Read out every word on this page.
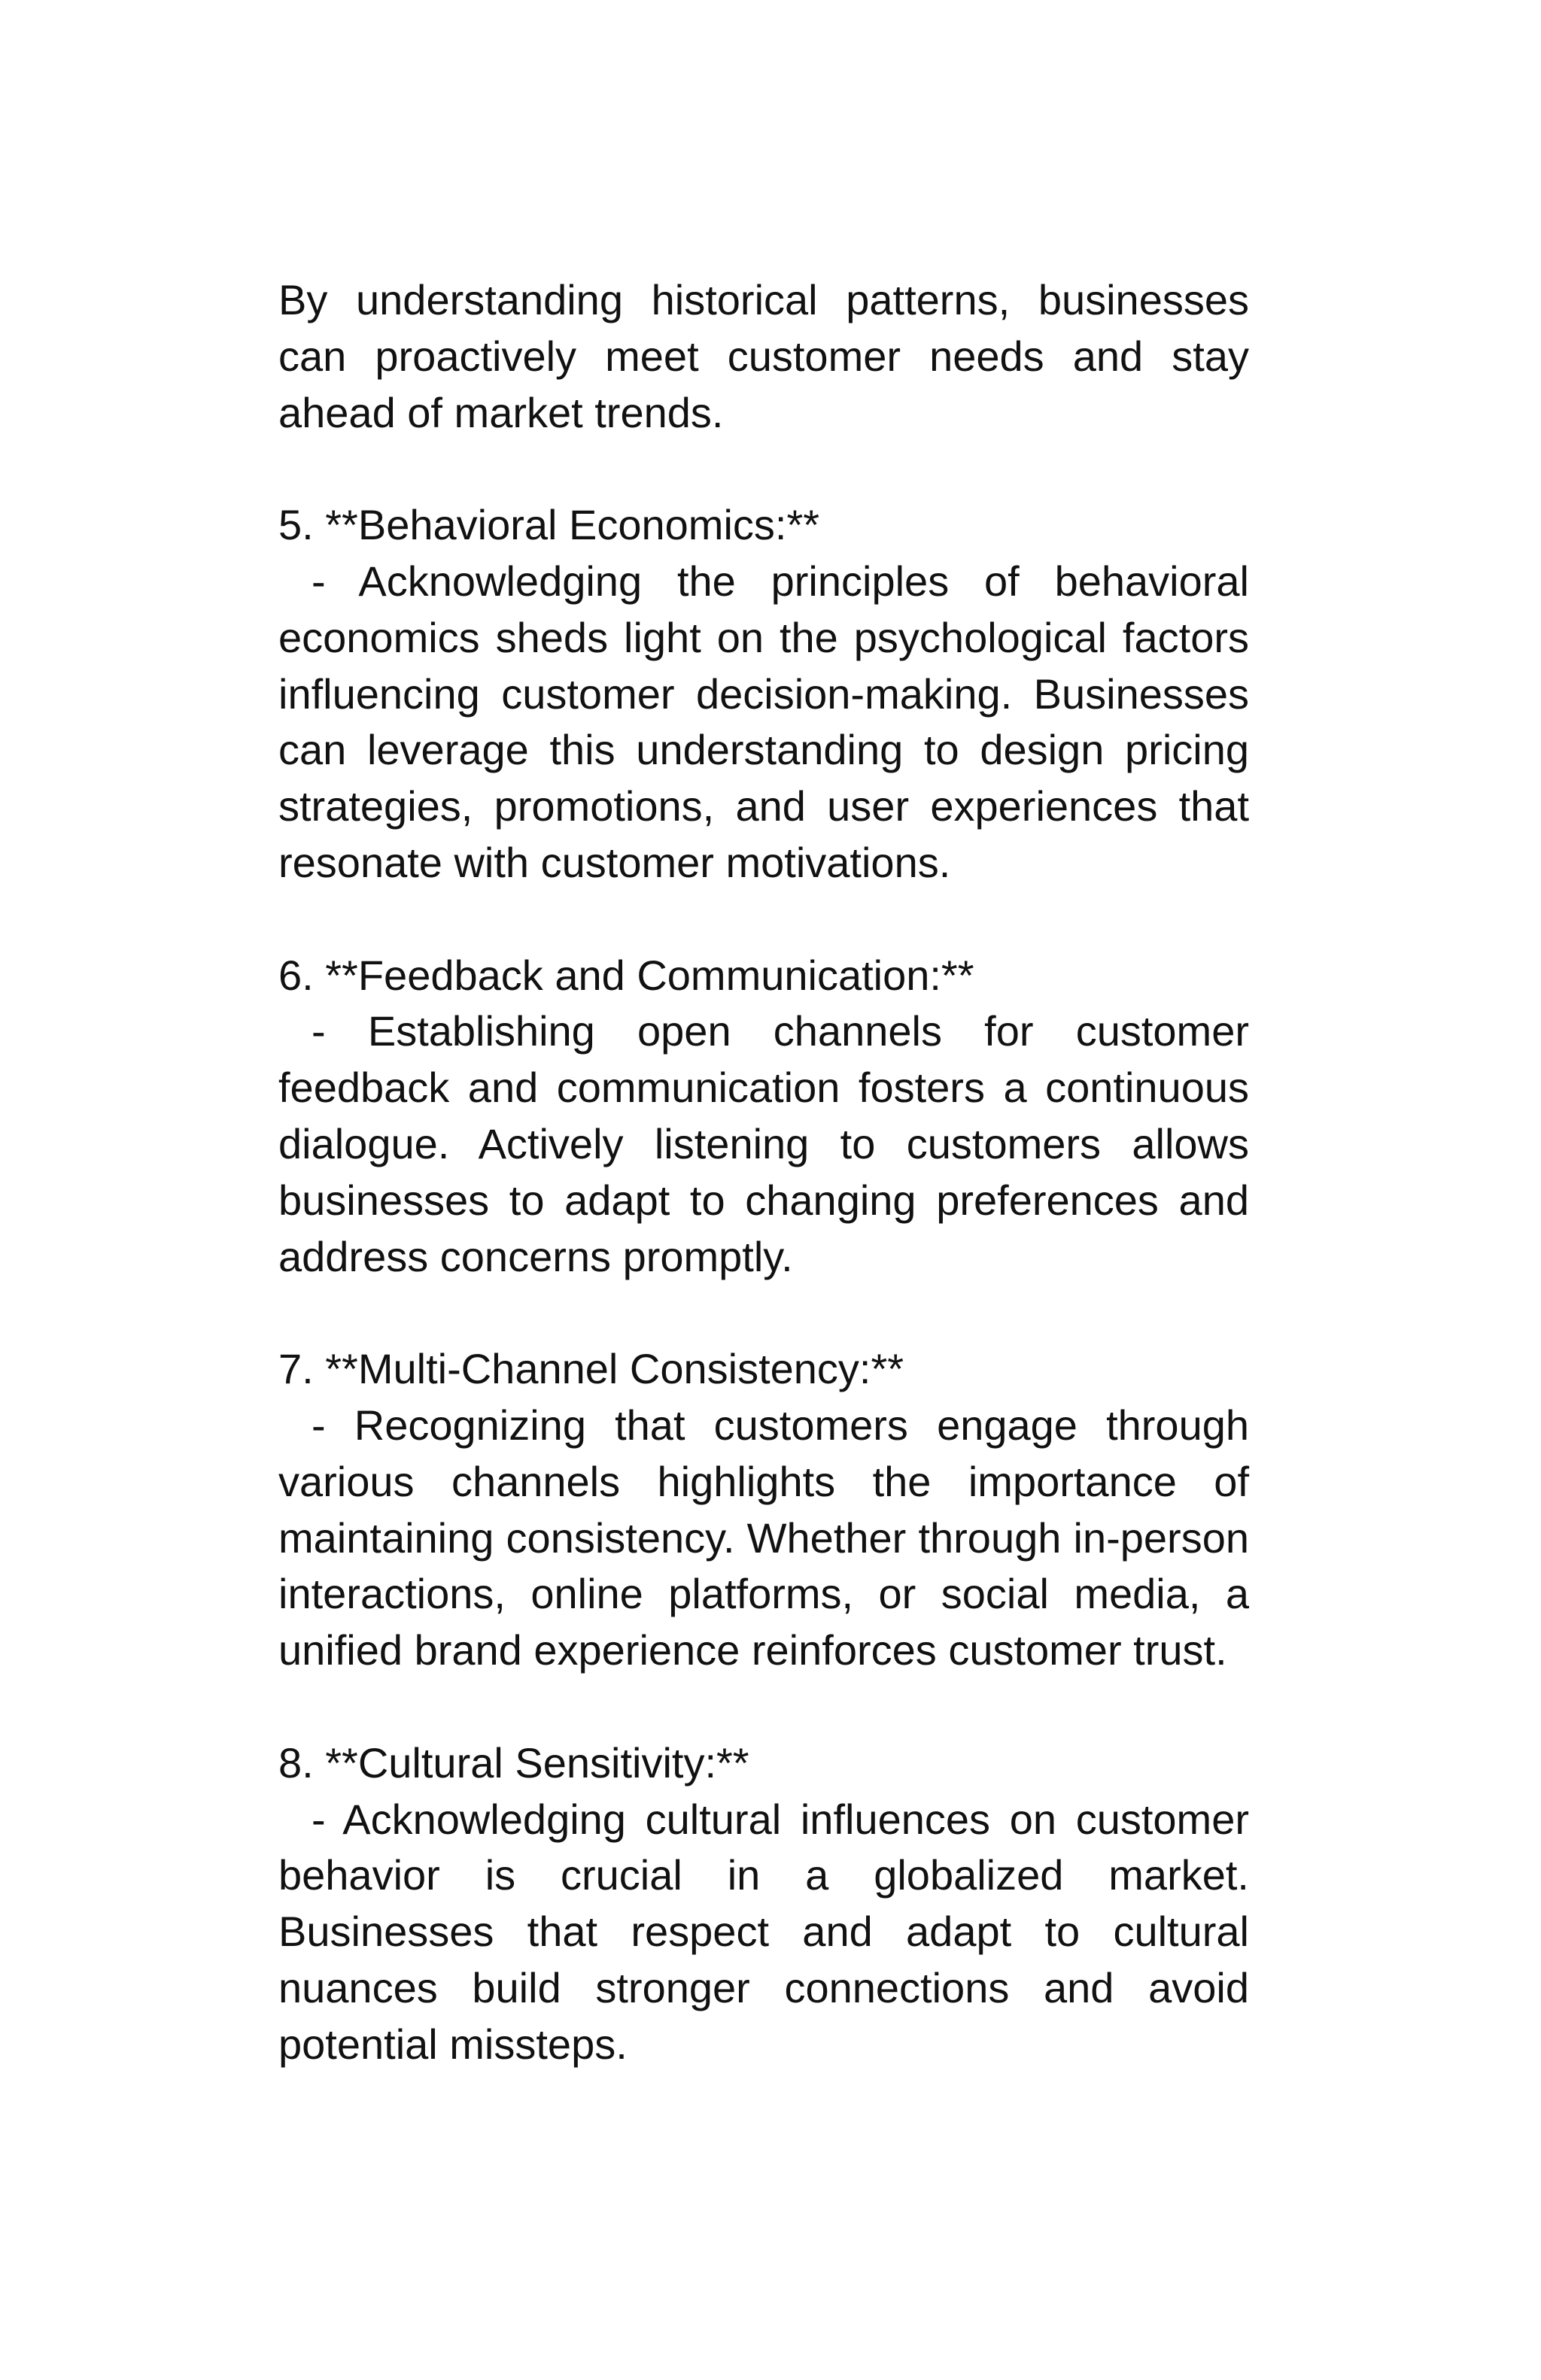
By understanding historical patterns, businesses can proactively meet customer needs and stay ahead of market trends.

5. **Behavioral Economics:**

- Acknowledging the principles of behavioral economics sheds light on the psychological factors influencing customer decision-making. Businesses can leverage this understanding to design pricing strategies, promotions, and user experiences that resonate with customer motivations.

6. **Feedback and Communication:**

- Establishing open channels for customer feedback and communication fosters a continuous dialogue. Actively listening to customers allows businesses to adapt to changing preferences and address concerns promptly.

7. **Multi-Channel Consistency:**

- Recognizing that customers engage through various channels highlights the importance of maintaining consistency. Whether through in-person interactions, online platforms, or social media, a unified brand experience reinforces customer trust.

8. **Cultural Sensitivity:**

- Acknowledging cultural influences on customer behavior is crucial in a globalized market. Businesses that respect and adapt to cultural nuances build stronger connections and avoid potential missteps.
